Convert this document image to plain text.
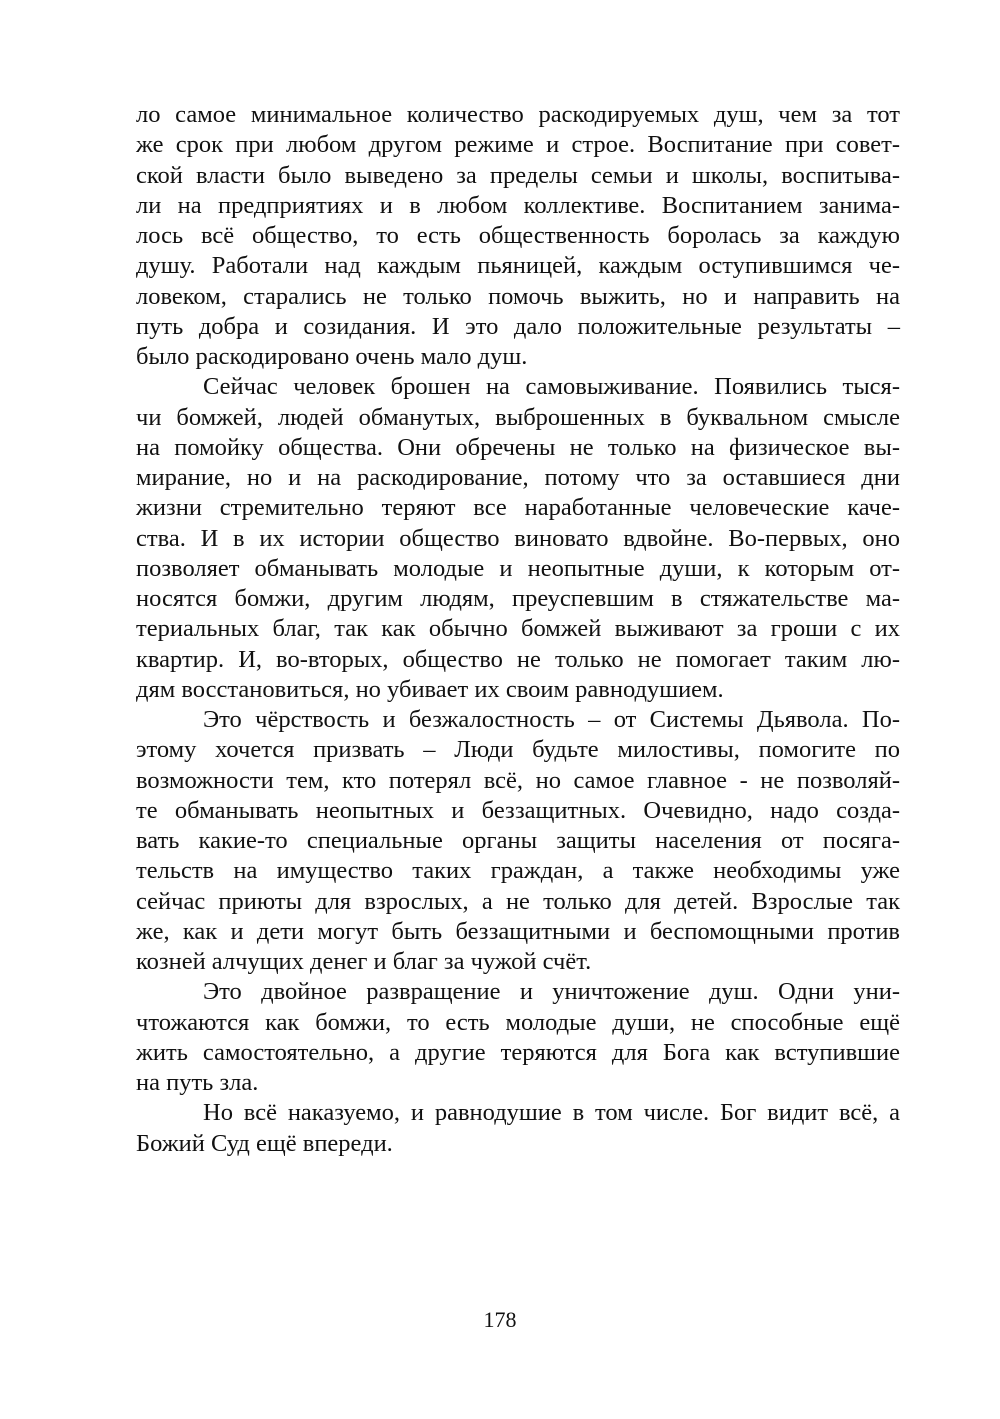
ло самое минимальное количество раскодируемых душ, чем за тот
же срок при любом другом режиме и строе. Воспитание при совет-
ской власти было выведено за пределы семьи и школы, воспитыва-
ли на предприятиях и в любом коллективе. Воспитанием занима-
лось всё общество, то есть общественность боролась за каждую
душу. Работали над каждым пьяницей, каждым оступившимся че-
ловеком, старались не только помочь выжить, но и направить на
путь добра и созидания. И это дало положительные результаты –
было раскодировано очень мало душ.
Сейчас человек брошен на самовыживание. Появились тыся-
чи бомжей, людей обманутых, выброшенных в буквальном смысле
на помойку общества. Они обречены не только на физическое вы-
мирание, но и на раскодирование, потому что за оставшиеся дни
жизни стремительно теряют все наработанные человеческие каче-
ства. И в их истории общество виновато вдвойне. Во-первых, оно
позволяет обманывать молодые и неопытные души, к которым от-
носятся бомжи, другим людям, преуспевшим в стяжательстве ма-
териальных благ, так как обычно бомжей выживают за гроши с их
квартир. И, во-вторых, общество не только не помогает таким лю-
дям восстановиться, но убивает их своим равнодушием.
Это чёрствость и безжалостность – от Системы Дьявола. По-
этому хочется призвать – Люди будьте милостивы, помогите по
возможности тем, кто потерял всё, но самое главное - не позволяй-
те обманывать неопытных и беззащитных. Очевидно, надо созда-
вать какие-то специальные органы защиты населения от посяга-
тельств на имущество таких граждан, а также необходимы уже
сейчас приюты для взрослых, а не только для детей. Взрослые так
же, как и дети могут быть беззащитными и беспомощными против
козней алчущих денег и благ за чужой счёт.
Это двойное развращение и уничтожение душ. Одни уни-
чтожаются как бомжи, то есть молодые души, не способные ещё
жить самостоятельно, а другие теряются для Бога как вступившие
на путь зла.
Но всё наказуемо, и равнодушие в том числе. Бог видит всё, а
Божий Суд ещё впереди.
178
